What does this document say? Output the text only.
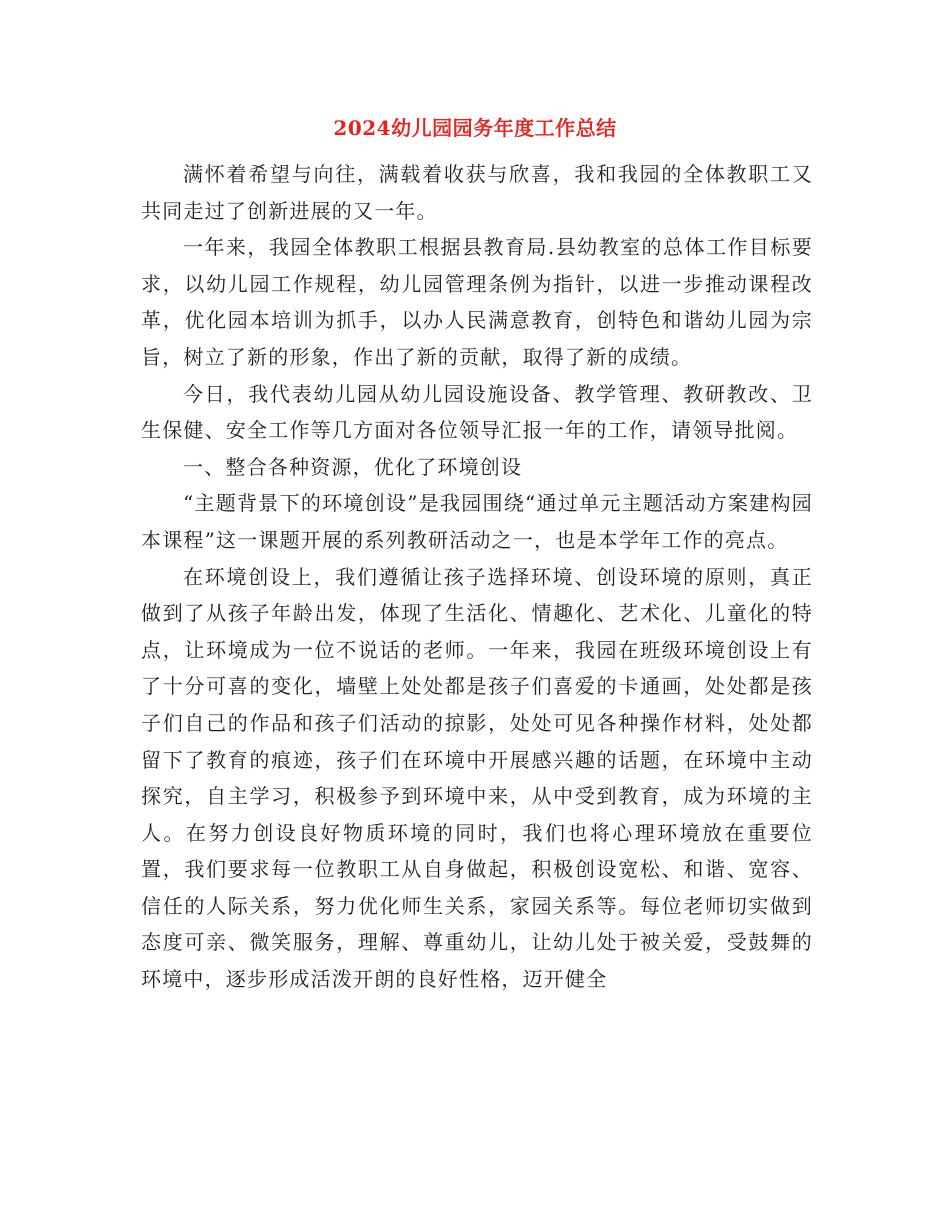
2024幼儿园园务年度工作总结

满怀着希望与向往，满载着收获与欣喜，我和我园的全体教职工又共同走过了创新进展的又一年。

一年来，我园全体教职工根据县教育局.县幼教室的总体工作目标要求，以幼儿园工作规程，幼儿园管理条例为指针，以进一步推动课程改革，优化园本培训为抓手，以办人民满意教育，创特色和谐幼儿园为宗旨，树立了新的形象，作出了新的贡献，取得了新的成绩。

今日，我代表幼儿园从幼儿园设施设备、教学管理、教研教改、卫生保健、安全工作等几方面对各位领导汇报一年的工作，请领导批阅。

一、整合各种资源，优化了环境创设

“主题背景下的环境创设”是我园围绕“通过单元主题活动方案建构园本课程”这一课题开展的系列教研活动之一，也是本学年工作的亮点。

在环境创设上，我们遵循让孩子选择环境、创设环境的原则，真正做到了从孩子年龄出发，体现了生活化、情趣化、艺术化、儿童化的特点，让环境成为一位不说话的老师。一年来，我园在班级环境创设上有了十分可喜的变化，墙壁上处处都是孩子们喜爱的卡通画，处处都是孩子们自己的作品和孩子们活动的掠影，处处可见各种操作材料，处处都留下了教育的痕迹，孩子们在环境中开展感兴趣的话题，在环境中主动探究，自主学习，积极参予到环境中来，从中受到教育，成为环境的主人。在努力创设良好物质环境的同时，我们也将心理环境放在重要位置，我们要求每一位教职工从自身做起，积极创设宽松、和谐、宽容、信任的人际关系，努力优化师生关系，家园关系等。每位老师切实做到态度可亲、微笑服务，理解、尊重幼儿，让幼儿处于被关爱，受鼓舞的环境中，逐步形成活泼开朗的良好性格，迈开健全
